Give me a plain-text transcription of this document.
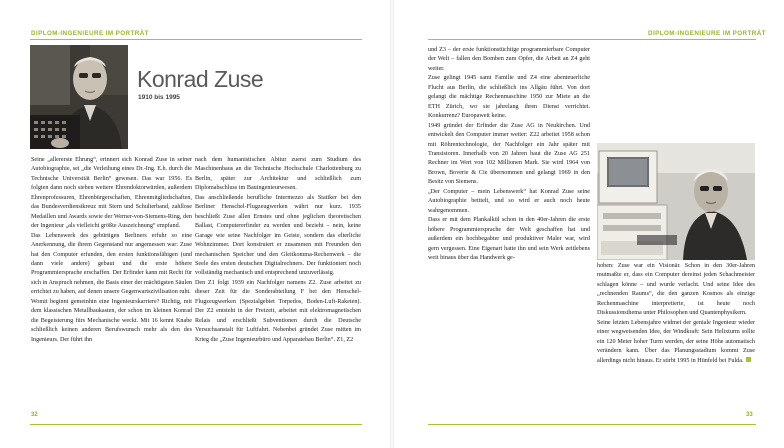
DIPLOM-INGENIEURE IM PORTRÄT
Konrad Zuse
1910 bis 1995

Seine „allererste Ehrung“, erinnert sich Konrad Zuse in seiner Autobiographie, sei „die Verleihung eines Dr.-Ing. E.h. durch die Technische Universität Berlin“ gewesen. Das war 1956. Es folgten dann noch sieben weitere Ehrendoktorwürden, außerdem Ehrenprofessuren, Ehrenbürgerschaften, Ehrenmitgliedschaften, das Bundesverdienstkreuz mit Stern und Schulterband, zahllose Medaillen und Awards sowie der Werner-von-Siemens-Ring, den der Ingenieur „als vielleicht größte Auszeichnung“ empfand.

Das Lebenswerk des gebürtigen Berliners erfuhr so eine Anerkennung, die ihrem Gegenstand nur angemessen war: Zuse hat den Computer erfunden, den ersten funktionsfähigen (und dann viele andere) gebaut und die erste höhere Programmiersprache erschaffen. Der Erfinder kann mit Recht für sich in Anspruch nehmen, die Basis einer der mächtigsten Säulen errichtet zu haben, auf denen unsere Gegenwartszivilisation ruht.

Womit beginnt gemeinhin eine Ingenieurskarriere? Richtig, mit dem klassischen Metallbaukasten, der schon im kleinen Konrad die Begeisterung fürs Mechanische weckt. Mit 16 kennt Knabe schließlich keinen anderen Berufswunsch mehr als den des Ingenieurs. Der führt ihn

nach dem humanistischen Abitur zuerst zum Studium des Maschinenbaus an die Technische Hochschule Charlottenburg zu Berlin, später zur Architektur und schließlich zum Diplomabschluss im Bauingenieurwesen.

Das anschließende berufliche Intermezzo als Statiker bei den Berliner Henschel-Flugzeugwerken währt nur kurz. 1935 beschließt Zuse allen Ernstes und ohne jeglichen theoretischen Ballast, Computererfinder zu werden und bezieht – nein, keine Garage wie seine Nachfolger im Geiste, sondern das elterliche Wohnzimmer. Dort konstruiert er zusammen mit Freunden den mechanischen Speicher und den Gleitkomma-Rechenwerk – die Seele des ersten deutschen Digitalrechners. Der funktioniert noch vollständig mechanisch und entsprechend unzuverlässig.

Den Z1 folgt 1939 ein Nachfolger namens Z2. Zuse arbeitet zu dieser Zeit für die Sonderabteilung F bei den Henschel-Flugzeugwerken (Spezialgebiet Torpedos, Boden-Luft-Raketen). Der Z2 entsteht in der Freizeit, arbeitet mit elektromagnetischen Relais und erschließt Subventionen durch die Deutsche Versuchsanstalt für Luftfahrt. Nebenbei gründet Zuse mitten im Krieg die „Zuse Ingenieurbüro und Apparatebau Berlin“. Z1, Z2

32
DIPLOM-INGENIEURE IM PORTRÄT

und Z3 – der erste funktionstüchtige programmierbare Computer der Welt – fallen den Bomben zum Opfer, die Arbeit an Z4 geht weiter.

Zuse gelingt 1945 samt Familie und Z4 eine abenteuerliche Flucht aus Berlin, die schließlich ins Allgäu führt. Von dort gelangt die mächtige Rechenmaschine 1950 zur Miete an die ETH Zürich, wo sie jahrelang ihren Dienst verrichtet. Konkurrenz? Europaweit keine.

1949 gründet der Erfinder die Zuse AG in Neukirchen. Und entwickelt den Computer immer weiter: Z22 arbeitet 1958 schon mit Röhrentechnologie, der Nachfolger ein Jahr später mit Transistoren. Innerhalb von 20 Jahren baut die Zuse AG 251 Rechner im Wert von 102 Millionen Mark. Sie wird 1964 von Brown, Boverie & Cie übernommen und gelangt 1969 in den Besitz von Siemens.

„Der Computer – mein Lebenswerk“ hat Konrad Zuse seine Autobiographie betitelt, und so wird er auch noch heute wahrgenommen.

Dass er mit dem Plankalkül schon in den 40er-Jahren die erste höhere Programmiersprache der Welt geschaffen hat und außerdem ein hochbegabter und produktiver Maler war, wird gern vergessen. Eine Eigenart hatte ihn und sein Werk zeitlebens weit hinaus über das Handwerk ge-

hoben: Zuse war ein Visionär. Schon in den 30er-Jahren mutmaßte er, dass ein Computer dereinst jeden Schachmeister schlagen könne – und wurde verlacht. Und seine Idee des „rechnenden Raums“, die den ganzen Kosmos als einzige Rechenmaschine interpretierte, ist heute noch Diskussionsthema unter Philosophen und Quantenphysikern.

Seine letzten Lebensjahre widmet der geniale Ingenieur wieder einer wegweisenden Idee, der Windkraft: Sein Helixturm sollte ein 120 Meter hoher Turm werden, der seine Höhe automatisch verändern kann. Über das Planungsstadium kommt Zuse allerdings nicht hinaus. Er stirbt 1995 in Hünfeld bei Fulda.

33
